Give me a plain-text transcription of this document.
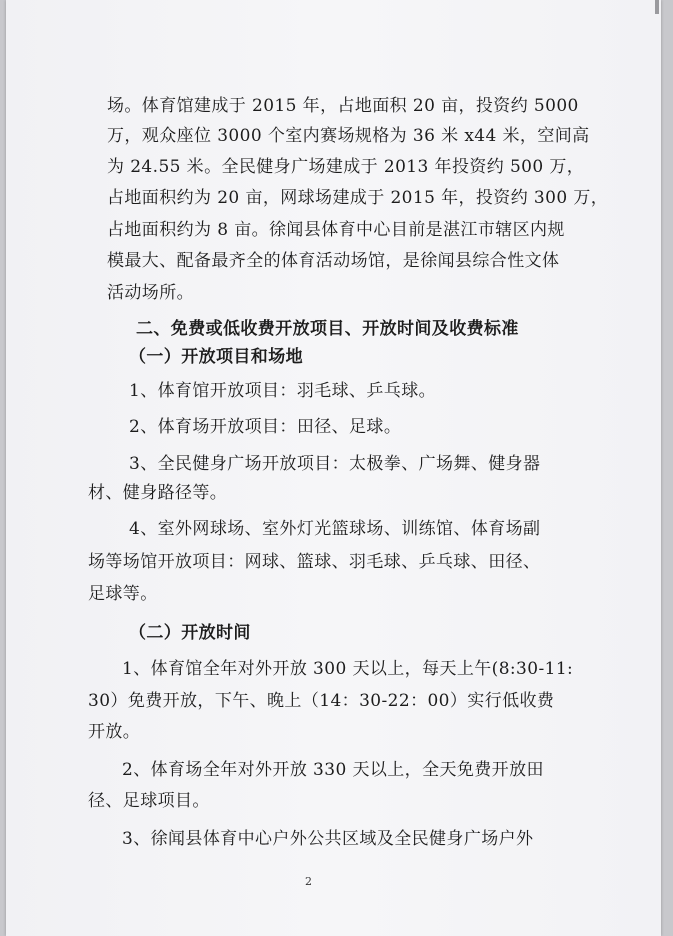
场。体育馆建成于 2015 年，占地面积 20 亩，投资约 5000

万，观众座位 3000 个室内赛场规格为 36 米 x44 米，空间高

为 24.55 米。全民健身广场建成于 2013 年投资约 500 万，

占地面积约为 20 亩，网球场建成于 2015 年，投资约 300 万，

占地面积约为 8 亩。徐闻县体育中心目前是湛江市辖区内规

模最大、配备最齐全的体育活动场馆，是徐闻县综合性文体

活动场所。

二、免费或低收费开放项目、开放时间及收费标准

（一）开放项目和场地

1、体育馆开放项目：羽毛球、乒乓球。

2、体育场开放项目：田径、足球。

3、全民健身广场开放项目：太极拳、广场舞、健身器

材、健身路径等。

4、室外网球场、室外灯光篮球场、训练馆、体育场副

场等场馆开放项目：网球、篮球、羽毛球、乒乓球、田径、

足球等。

（二）开放时间

1、体育馆全年对外开放 300 天以上，每天上午(8:30-11:

30）免费开放，下午、晚上（14：30-22：00）实行低收费

开放。

2、体育场全年对外开放 330 天以上，全天免费开放田

径、足球项目。

3、徐闻县体育中心户外公共区域及全民健身广场户外

2
